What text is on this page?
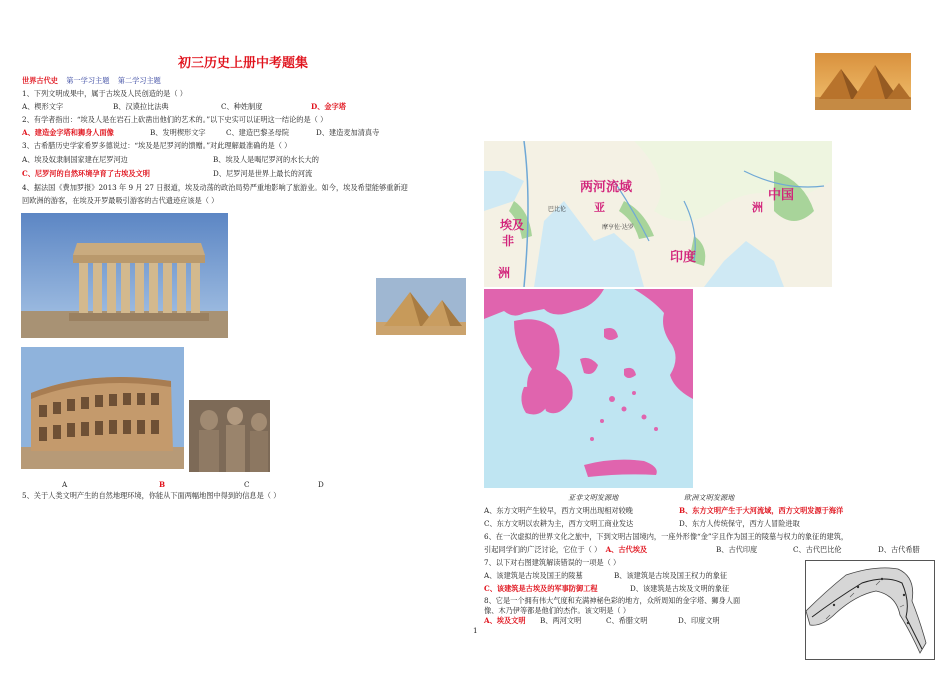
初三历史上册中考题集
世界古代史 第一学习主题 第二学习主题
1、下列文明成果中，属于古埃及人民创造的是（ ）
A、楔形文字	B、汉谟拉比法典	C、种姓制度	D、金字塔
2、有学者指出：“埃及人是在岩石上砍凿出他们的艺术的。”以下史实可以证明这一结论的是（ ）
A、建造金字塔和狮身人面像	B、发明楔形文字	C、建造巴黎圣母院	D、建造麦加清真寺
3、古希腊历史学家希罗多德说过：“埃及是尼罗河的馈赠。”对此理解最准确的是（ ）
A、埃及奴隶制国家建在尼罗河边	B、埃及人是喝尼罗河的水长大的
C、尼罗河的自然环境孕育了古埃及文明	D、尼罗河是世界上最长的河流
4、据法国《费加罗报》2013 年 9 月 27 日报道，埃及动荡的政治局势严重地影响了旅游业。如今，埃及希望能够重新迎
回欧洲的游客，在埃及开罗最吸引游客的古代遗迹应该是（ ）
A	B	C	D
5、关于人类文明产生的自然地理环境，你能从下面两幅地图中得到的信息是（ ）
两河流域
亚	洲
中国
印度
埃及
非
洲
巴比伦
摩亨佐·达罗
亚非文明发源地	欧洲文明发源地
A、东方文明产生较早，西方文明出现相对较晚	B、东方文明产生于大河流域，西方文明发源于海洋
C、东方文明以农耕为主，西方文明工商业发达	D、东方人传统保守，西方人冒险进取
6、在一次虚拟的世界文化之旅中，下到文明古国境内，一座外形像“金”字且作为国王的陵墓与权力的象征的建筑，
引起同学们的广泛讨论，它位于（ ） A、古代埃及	B、古代印度	C、古代巴比伦	D、古代希腊
7、以下对右图建筑解读错误的一项是（ ）
A、该建筑是古埃及国王的陵墓	B、该建筑是古埃及国王权力的象征
C、该建筑是古埃及的军事防御工程	D、该建筑是古埃及文明的象征
8、它是一个拥有伟大气度和充满神秘色彩的地方，众所周知的金字塔、狮身人面
像、木乃伊等都是他们的杰作。该文明是（ ）
A、埃及文明 B、两河文明	C、希腊文明	D、印度文明
1
